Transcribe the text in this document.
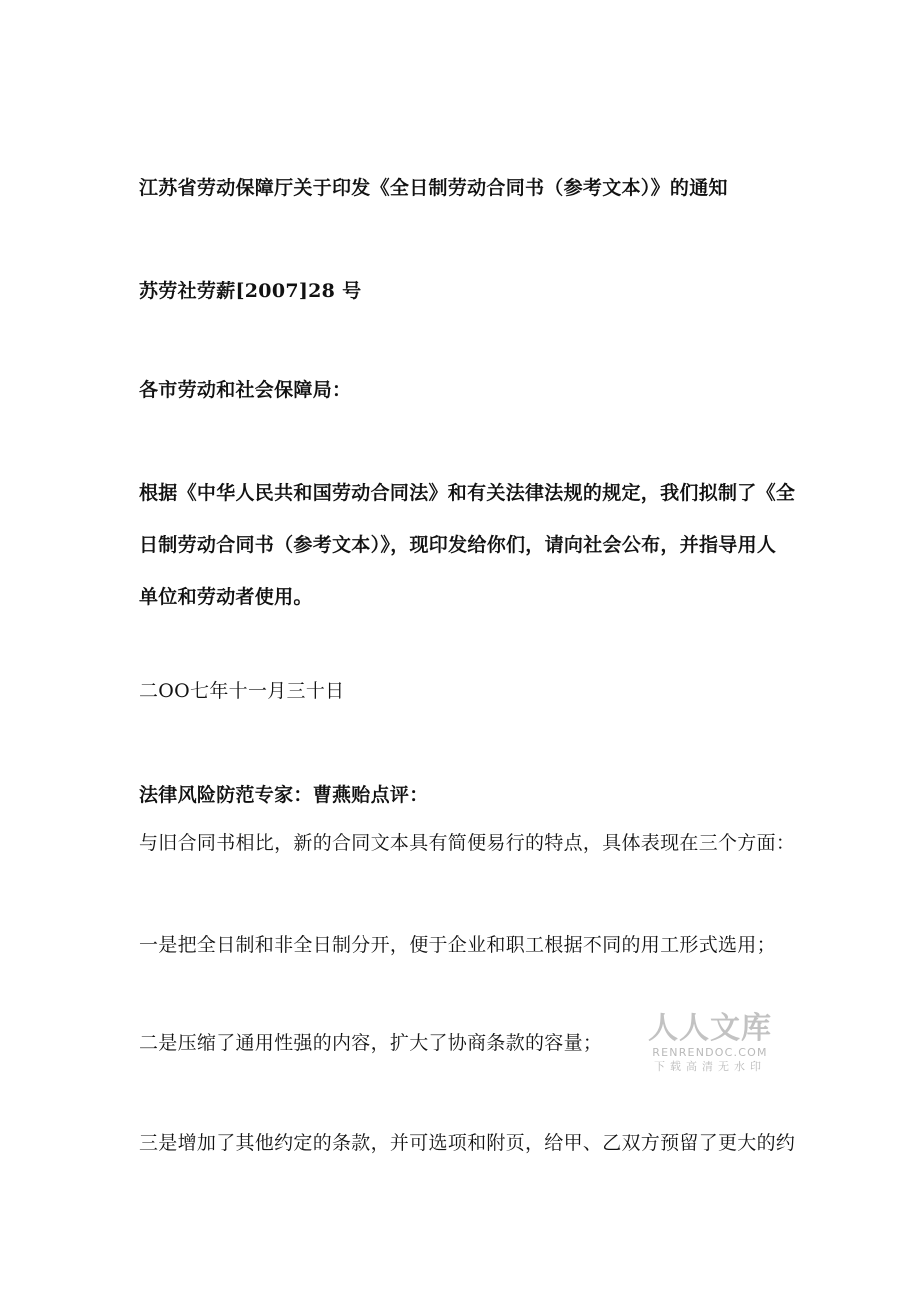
江苏省劳动保障厅关于印发《全日制劳动合同书（参考文本）》的通知
苏劳社劳薪[2007]28 号
各市劳动和社会保障局：
根据《中华人民共和国劳动合同法》和有关法律法规的规定，我们拟制了《全
日制劳动合同书（参考文本）》，现印发给你们，请向社会公布，并指导用人
单位和劳动者使用。
二OO七年十一月三十日
法律风险防范专家：曹燕贻点评：
与旧合同书相比，新的合同文本具有简便易行的特点，具体表现在三个方面：
一是把全日制和非全日制分开，便于企业和职工根据不同的用工形式选用；
二是压缩了通用性强的内容，扩大了协商条款的容量；
三是增加了其他约定的条款，并可选项和附页，给甲、乙双方预留了更大的约
人人文库
RENRENDOC.COM
下载高清无水印
